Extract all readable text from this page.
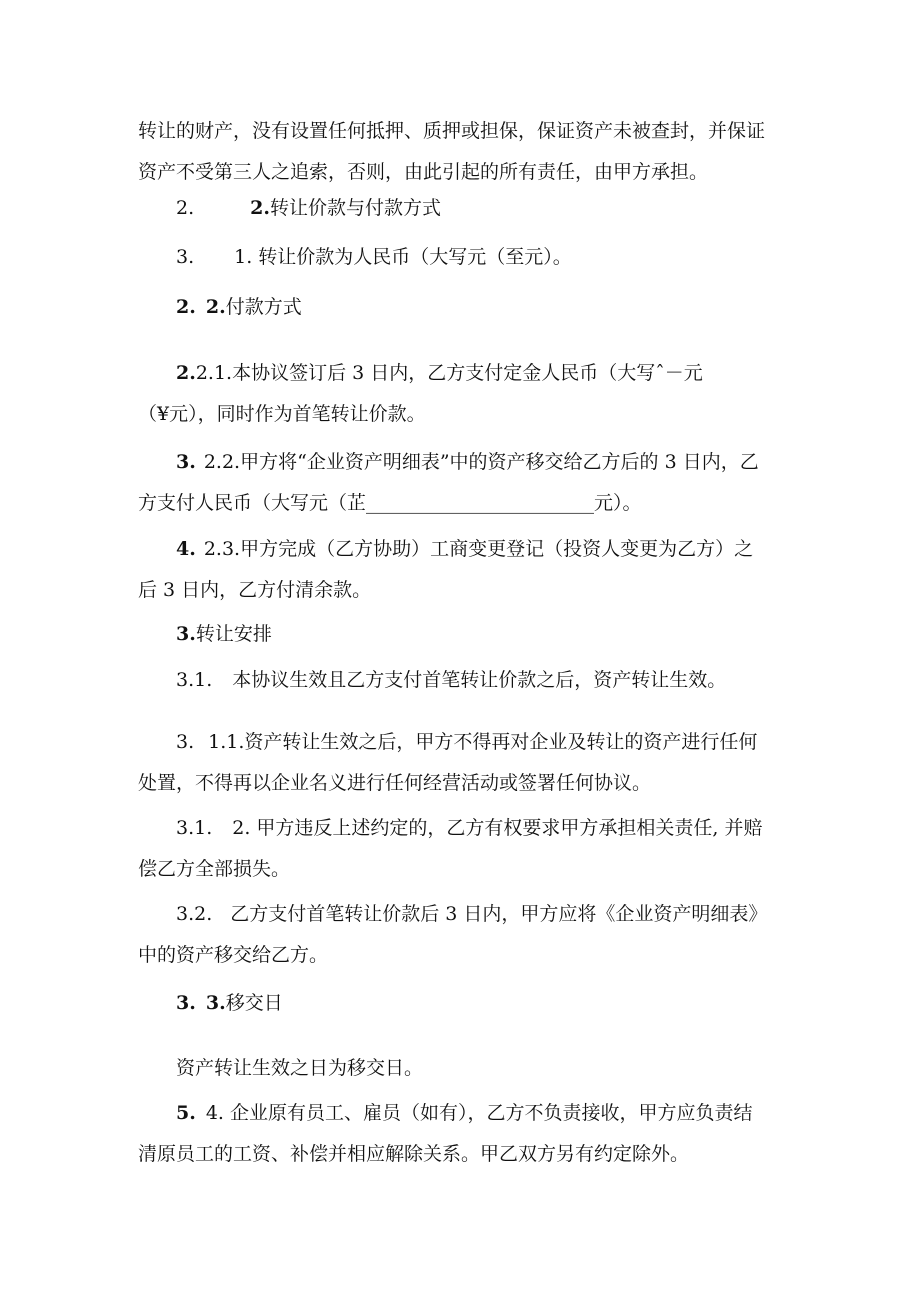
转让的财产，没有设置任何抵押、质押或担保，保证资产未被查封，并保证
资产不受第三人之追索，否则，由此引起的所有责任，由甲方承担。
2.	2.转让价款与付款方式
3. 1. 转让价款为人民币（大写元（至元）。
2. 2.付款方式
2.2.1.本协议签订后 3 日内，乙方支付定金人民币（大写ˆ－元
（¥元），同时作为首笔转让价款。
3. 2.2.甲方将“企业资产明细表”中的资产移交给乙方后的 3 日内，乙
方支付人民币（大写元（芷________________________元）。
4. 2.3.甲方完成（乙方协助）工商变更登记（投资人变更为乙方）之
后 3 日内，乙方付清余款。
3.转让安排
3.1. 本协议生效且乙方支付首笔转让价款之后，资产转让生效。
3. 1.1.资产转让生效之后，甲方不得再对企业及转让的资产进行任何
处置，不得再以企业名义进行任何经营活动或签署任何协议。
3.1. 2. 甲方违反上述约定的，乙方有权要求甲方承担相关责任, 并赔
偿乙方全部损失。
3.2. 乙方支付首笔转让价款后 3 日内，甲方应将《企业资产明细表》
中的资产移交给乙方。
3. 3.移交日
资产转让生效之日为移交日。
5. 4. 企业原有员工、雇员（如有），乙方不负责接收，甲方应负责结
清原员工的工资、补偿并相应解除关系。甲乙双方另有约定除外。
